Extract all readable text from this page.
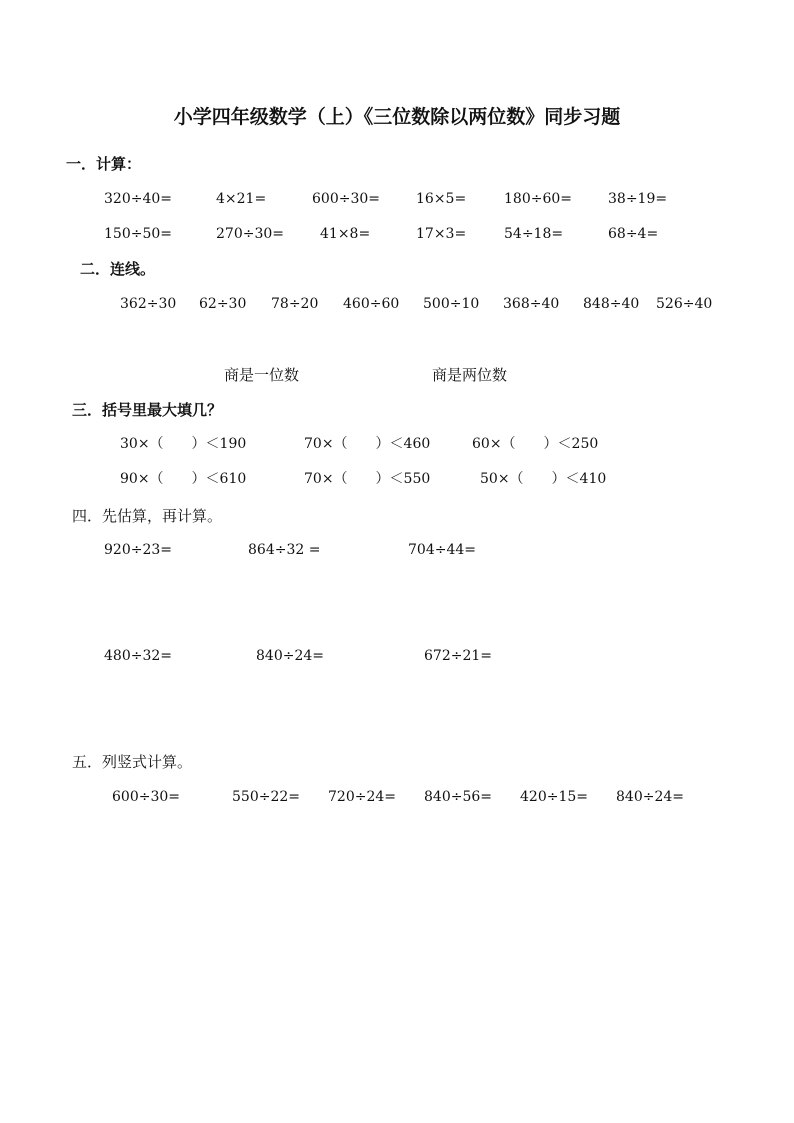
小学四年级数学（上）《三位数除以两位数》同步习题
一．计算：
320÷40=	4×21=	600÷30=	16×5=	180÷60=	38÷19=
150÷50=	270÷30=	41×8=	17×3=	54÷18=	68÷4=
二．连线。
362÷30 62÷30 78÷20 460÷60 500÷10 368÷40 848÷40 526÷40
商是一位数	商是两位数
三．括号里最大填几？
30×（　　）＜190	70×（　　）＜460	60×（　　）＜250
90×（　　）＜610	70×（　　）＜550	50×（　　）＜410
四．先估算，再计算。
920÷23=	864÷32 =	704÷44=
480÷32=	840÷24=	672÷21=
五．列竖式计算。
600÷30=	550÷22= 720÷24= 840÷56= 420÷15= 840÷24=
